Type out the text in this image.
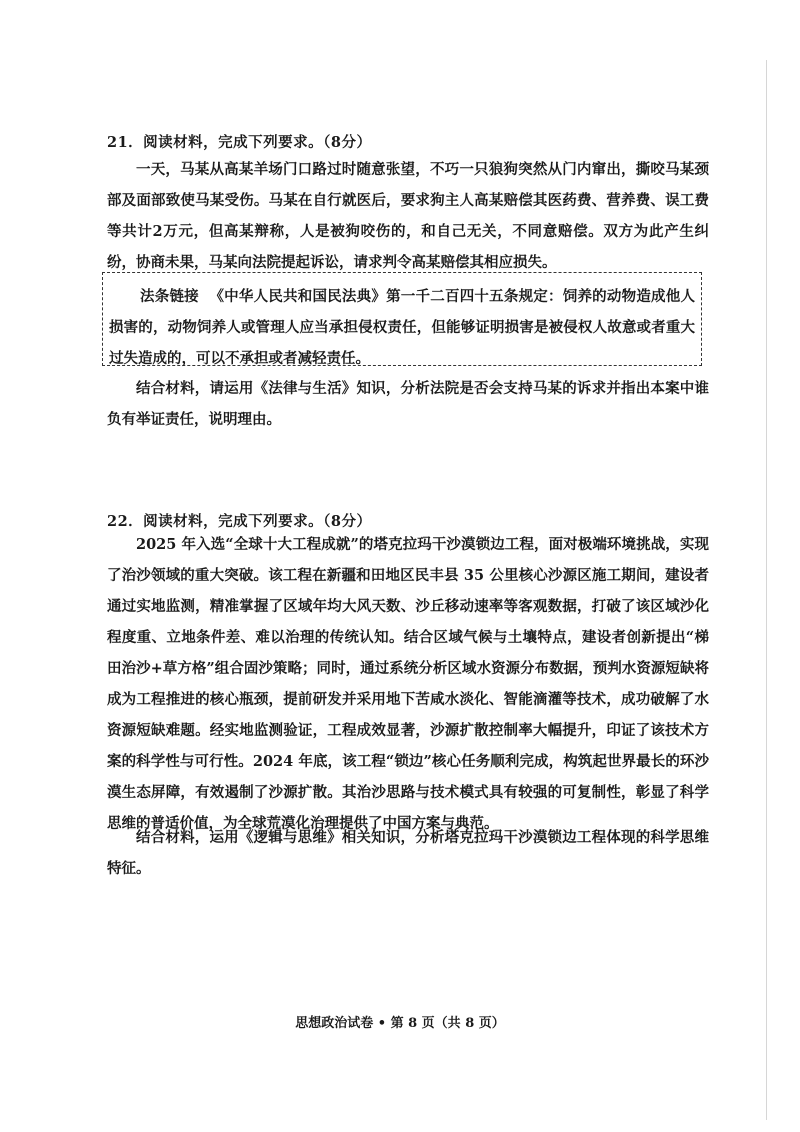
21．阅读材料，完成下列要求。（8分）

一天，马某从高某羊场门口路过时随意张望，不巧一只狼狗突然从门内窜出，撕咬马某颈部及面部致使马某受伤。马某在自行就医后，要求狗主人高某赔偿其医药费、营养费、误工费等共计2万元，但高某辩称，人是被狗咬伤的，和自己无关，不同意赔偿。双方为此产生纠纷，协商未果，马某向法院提起诉讼，请求判令高某赔偿其相应损失。

法条链接 《中华人民共和国民法典》第一千二百四十五条规定：饲养的动物造成他人损害的，动物饲养人或管理人应当承担侵权责任，但能够证明损害是被侵权人故意或者重大过失造成的，可以不承担或者减轻责任。

结合材料，请运用《法律与生活》知识，分析法院是否会支持马某的诉求并指出本案中谁负有举证责任，说明理由。

22．阅读材料，完成下列要求。（8分）

2025 年入选“全球十大工程成就”的塔克拉玛干沙漠锁边工程，面对极端环境挑战，实现了治沙领域的重大突破。该工程在新疆和田地区民丰县 35 公里核心沙源区施工期间，建设者通过实地监测，精准掌握了区域年均大风天数、沙丘移动速率等客观数据，打破了该区域沙化程度重、立地条件差、难以治理的传统认知。结合区域气候与土壤特点，建设者创新提出“梯田治沙+草方格”组合固沙策略；同时，通过系统分析区域水资源分布数据，预判水资源短缺将成为工程推进的核心瓶颈，提前研发并采用地下苦咸水淡化、智能滴灌等技术，成功破解了水资源短缺难题。经实地监测验证，工程成效显著，沙源扩散控制率大幅提升，印证了该技术方案的科学性与可行性。2024 年底，该工程“锁边”核心任务顺利完成，构筑起世界最长的环沙漠生态屏障，有效遏制了沙源扩散。其治沙思路与技术模式具有较强的可复制性，彰显了科学思维的普适价值，为全球荒漠化治理提供了中国方案与典范。

结合材料，运用《逻辑与思维》相关知识，分析塔克拉玛干沙漠锁边工程体现的科学思维特征。

思想政治试卷 • 第 8 页（共 8 页）
